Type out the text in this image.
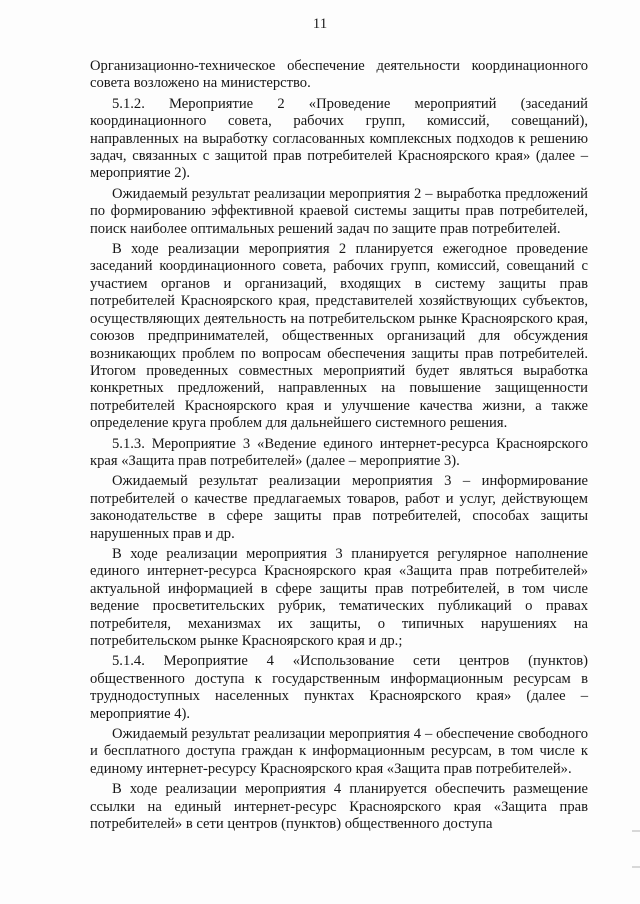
11

Организационно-техническое обеспечение деятельности координационного совета возложено на министерство.

5.1.2. Мероприятие 2 «Проведение мероприятий (заседаний координационного совета, рабочих групп, комиссий, совещаний), направленных на выработку согласованных комплексных подходов к решению задач, связанных с защитой прав потребителей Красноярского края» (далее – мероприятие 2).

Ожидаемый результат реализации мероприятия 2 – выработка предложений по формированию эффективной краевой системы защиты прав потребителей, поиск наиболее оптимальных решений задач по защите прав потребителей.

В ходе реализации мероприятия 2 планируется ежегодное проведение заседаний координационного совета, рабочих групп, комиссий, совещаний с участием органов и организаций, входящих в систему защиты прав потребителей Красноярского края, представителей хозяйствующих субъектов, осуществляющих деятельность на потребительском рынке Красноярского края, союзов предпринимателей, общественных организаций для обсуждения возникающих проблем по вопросам обеспечения защиты прав потребителей. Итогом проведенных совместных мероприятий будет являться выработка конкретных предложений, направленных на повышение защищенности потребителей Красноярского края и улучшение качества жизни, а также определение круга проблем для дальнейшего системного решения.

5.1.3. Мероприятие 3 «Ведение единого интернет-ресурса Красноярского края «Защита прав потребителей» (далее – мероприятие 3).

Ожидаемый результат реализации мероприятия 3 – информирование потребителей о качестве предлагаемых товаров, работ и услуг, действующем законодательстве в сфере защиты прав потребителей, способах защиты нарушенных прав и др.

В ходе реализации мероприятия 3 планируется регулярное наполнение единого интернет-ресурса Красноярского края «Защита прав потребителей» актуальной информацией в сфере защиты прав потребителей, в том числе ведение просветительских рубрик, тематических публикаций о правах потребителя, механизмах их защиты, о типичных нарушениях на потребительском рынке Красноярского края и др.;

5.1.4. Мероприятие 4 «Использование сети центров (пунктов) общественного доступа к государственным информационным ресурсам в труднодоступных населенных пунктах Красноярского края» (далее – мероприятие 4).

Ожидаемый результат реализации мероприятия 4 – обеспечение свободного и бесплатного доступа граждан к информационным ресурсам, в том числе к единому интернет-ресурсу Красноярского края «Защита прав потребителей».

В ходе реализации мероприятия 4 планируется обеспечить размещение ссылки на единый интернет-ресурс Красноярского края «Защита прав потребителей» в сети центров (пунктов) общественного доступа
